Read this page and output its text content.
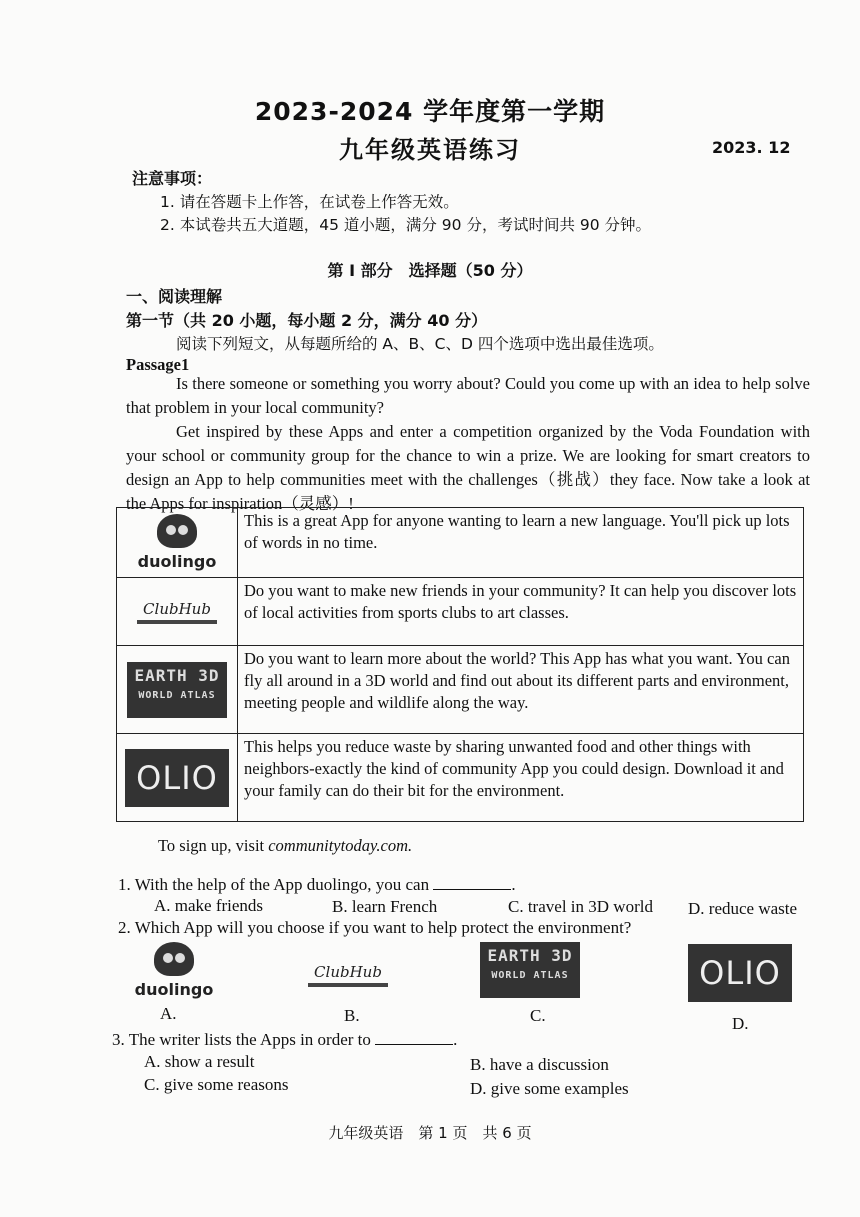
2023-2024 学年度第一学期
九年级英语练习	2023. 12
注意事项：
1. 请在答题卡上作答，在试卷上作答无效。
2. 本试卷共五大道题，45 道小题，满分 90 分，考试时间共 90 分钟。
第 I 部分　选择题（50 分）
一、阅读理解
第一节（共 20 小题，每小题 2 分，满分 40 分）
阅读下列短文，从每题所给的 A、B、C、D 四个选项中选出最佳选项。
Passage1
Is there someone or something you worry about? Could you come up with an idea to help solve that problem in your local community?
Get inspired by these Apps and enter a competition organized by the Voda Foundation with your school or community group for the chance to win a prize. We are looking for smart creators to design an App to help communities meet with the challenges（挑战）they face. Now take a look at the Apps for inspiration（灵感）!
duolingo	This is a great App for anyone wanting to learn a new language. You'll pick up lots of words in no time.
ClubHub	Do you want to make new friends in your community? It can help you discover lots of local activities from sports clubs to art classes.

EARTH 3D
WORLD ATLAS	Do you want to learn more about the world? This App has what you want. You can fly all around in a 3D world and find out about its different parts and environment, meeting people and wildlife along the way.
OLIO	This helps you reduce waste by sharing unwanted food and other things with neighbors-exactly the kind of community App you could design. Download it and your family can do their bit for the environment.
To sign up, visit communitytoday.com.
1. With the help of the App duolingo, you can	.
A. make friends	B. learn French	C. travel in 3D world D. reduce waste
2. Which App will you choose if you want to help protect the environment?
duolingo
ClubHub
EARTH 3D
WORLD ATLAS	OLIO
A.	B.	C.	D.
3. The writer lists the Apps in order to	.
A. show a result	B. have a discussion
C. give some reasons	D. give some examples
九年级英语　第 1 页　共 6 页
